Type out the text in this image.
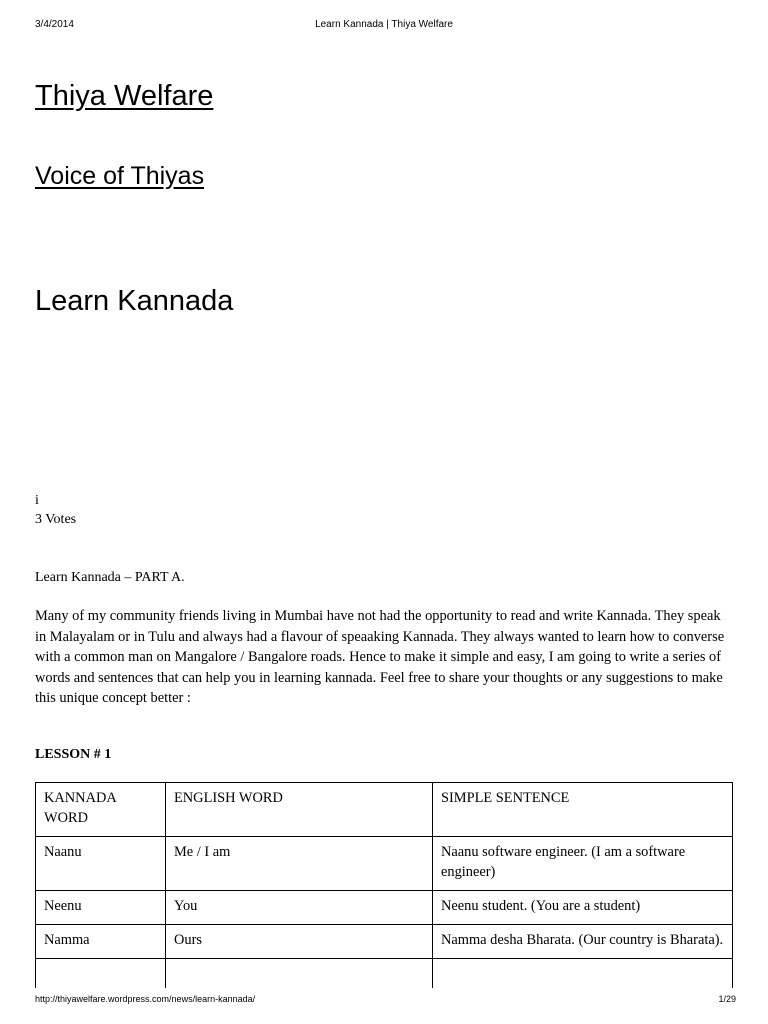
3/4/2014	Learn Kannada | Thiya Welfare
Thiya Welfare
Voice of Thiyas
Learn Kannada
i
3 Votes
Learn Kannada – PART A.

Many of my community friends living in Mumbai have not had the opportunity to read and write Kannada. They speak in Malayalam or in Tulu and always had a flavour of speaaking Kannada. They always wanted to learn how to converse with a common man on Mangalore / Bangalore roads. Hence to make it simple and easy, I am going to write a series of words and sentences that can help you in learning kannada. Feel free to share your thoughts or any suggestions to make this unique concept better :

LESSON # 1
KANNADA WORD	ENGLISH WORD	SIMPLE SENTENCE
Naanu	Me / I am	Naanu software engineer. (I am a software engineer)
Neenu	You	Neenu student. (You are a student)
Namma	Ours	Namma desha Bharata. (Our country is Bharata).

http://thiyawelfare.wordpress.com/news/learn-kannada/	1/29
